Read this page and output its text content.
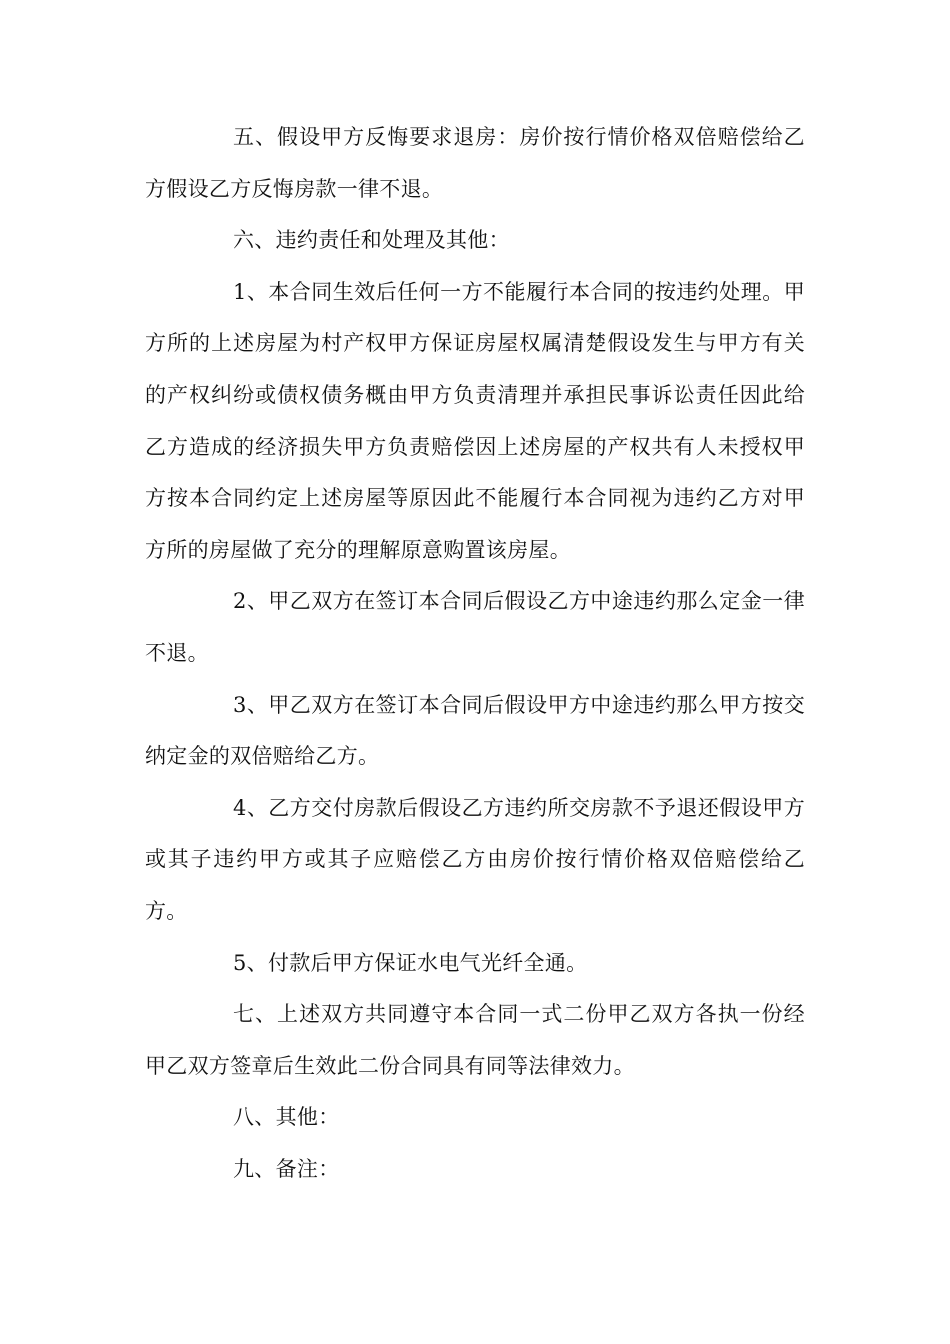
五、假设甲方反悔要求退房：房价按行情价格双倍赔偿给乙方假设乙方反悔房款一律不退。

六、违约责任和处理及其他：

1、本合同生效后任何一方不能履行本合同的按违约处理。甲方所的上述房屋为村产权甲方保证房屋权属清楚假设发生与甲方有关的产权纠纷或债权债务概由甲方负责清理并承担民事诉讼责任因此给乙方造成的经济损失甲方负责赔偿因上述房屋的产权共有人未授权甲方按本合同约定上述房屋等原因此不能履行本合同视为违约乙方对甲方所的房屋做了充分的理解原意购置该房屋。

2、甲乙双方在签订本合同后假设乙方中途违约那么定金一律不退。

3、甲乙双方在签订本合同后假设甲方中途违约那么甲方按交纳定金的双倍赔给乙方。

4、乙方交付房款后假设乙方违约所交房款不予退还假设甲方或其子违约甲方或其子应赔偿乙方由房价按行情价格双倍赔偿给乙方。

5、付款后甲方保证水电气光纤全通。

七、上述双方共同遵守本合同一式二份甲乙双方各执一份经甲乙双方签章后生效此二份合同具有同等法律效力。

八、其他：

九、备注：
